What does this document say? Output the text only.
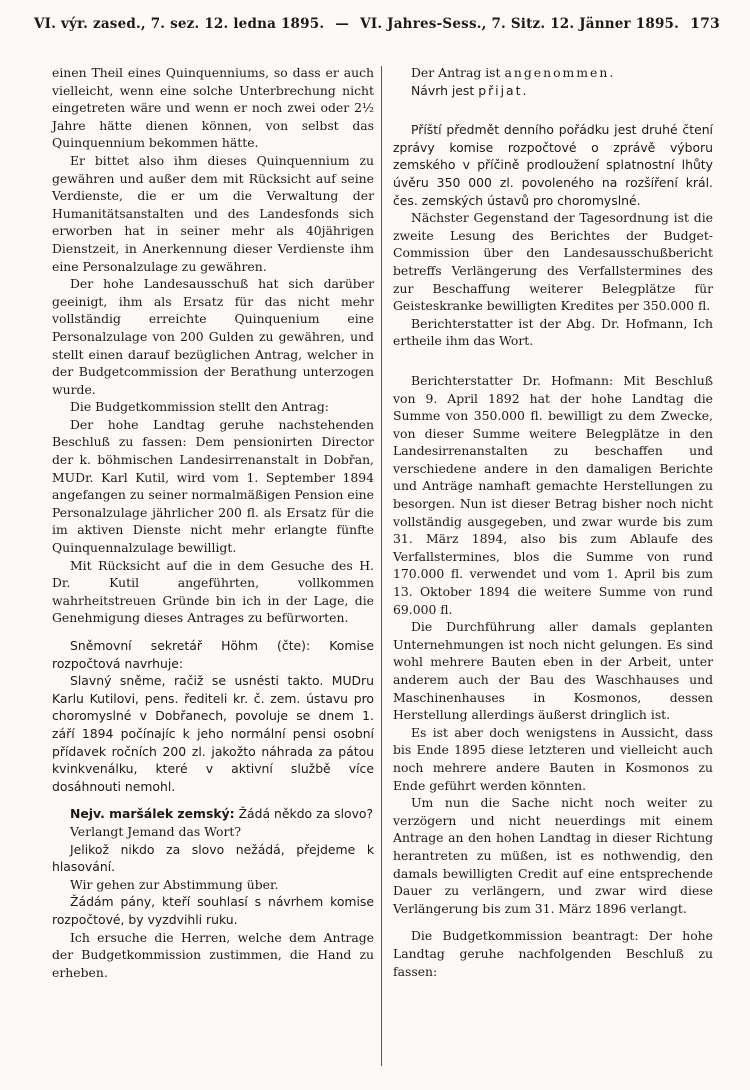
VI. výr. zased., 7. sez. 12. ledna 1895. — VI. Jahres-Sess., 7. Sitz. 12. Jänner 1895. 173

einen Theil eines Quinquenniums, so dass er auch vielleicht, wenn eine solche Unterbrechung nicht eingetreten wäre und wenn er noch zwei oder 2½ Jahre hätte dienen können, von selbst das Quinquennium bekommen hätte.

Er bittet also ihm dieses Quinquennium zu gewähren und außer dem mit Rücksicht auf seine Verdienste, die er um die Verwaltung der Humanitätsanstalten und des Landesfonds sich erworben hat in seiner mehr als 40jährigen Dienstzeit, in Anerkennung dieser Verdienste ihm eine Personalzulage zu gewähren.

Der hohe Landesausschuß hat sich darüber geeinigt, ihm als Ersatz für das nicht mehr vollständig erreichte Quinquenium eine Personalzulage von 200 Gulden zu gewähren, und stellt einen darauf bezüglichen Antrag, welcher in der Budgetcommission der Berathung unterzogen wurde.

Die Budgetkommission stellt den Antrag:

Der hohe Landtag geruhe nachstehenden Beschluß zu fassen: Dem pensionirten Director der k. böhmischen Landesirrenanstalt in Dobřan, MUDr. Karl Kutil, wird vom 1. September 1894 angefangen zu seiner normalmäßigen Pension eine Personalzulage jährlicher 200 fl. als Ersatz für die im aktiven Dienste nicht mehr erlangte fünfte Quinquennalzulage bewilligt.

Mit Rücksicht auf die in dem Gesuche des H. Dr. Kutil angeführten, vollkommen wahrheitstreuen Gründe bin ich in der Lage, die Genehmigung dieses Antrages zu befürworten.

Sněmovní sekretář Höhm (čte): Komise rozpočtová navrhuje:

Slavný sněme, račiž se usnésti takto. MUDru Karlu Kutilovi, pens. řediteli kr. č. zem. ústavu pro choromyslné v Dobřanech, povoluje se dnem 1. září 1894 počínajíc k jeho normální pensi osobní přídavek ročních 200 zl. jakožto náhrada za pátou kvinkvenálku, které v aktivní službě více dosáhnouti nemohl.

Nejv. maršálek zemský: Žádá někdo za slovo?

Verlangt Jemand das Wort?

Jelikož nikdo za slovo nežádá, přejdeme k hlasování.

Wir gehen zur Abstimmung über.

Žádám pány, kteří souhlasí s návrhem komise rozpočtové, by vyzdvihli ruku.

Ich ersuche die Herren, welche dem Antrage der Budgetkommission zustimmen, die Hand zu erheben.

Der Antrag ist angenommen.

Návrh jest přijat.

Příští předmět denního pořádku jest druhé čtení zprávy komise rozpočtové o zprávě výboru zemského v příčině prodloužení splatnostní lhůty úvěru 350 000 zl. povoleného na rozšíření král. čes. zemských ústavů pro choromyslné.

Nächster Gegenstand der Tagesordnung ist die zweite Lesung des Berichtes der Budget-Commission über den Landesausschußbericht betreffs Verlängerung des Verfallstermines des zur Beschaffung weiterer Belegplätze für Geisteskranke bewilligten Kredites per 350.000 fl.

Berichterstatter ist der Abg. Dr. Hofmann, Ich ertheile ihm das Wort.

Berichterstatter Dr. Hofmann: Mit Beschluß von 9. April 1892 hat der hohe Landtag die Summe von 350.000 fl. bewilligt zu dem Zwecke, von dieser Summe weitere Belegplätze in den Landesirrenanstalten zu beschaffen und verschiedene andere in den damaligen Berichte und Anträge namhaft gemachte Herstellungen zu besorgen. Nun ist dieser Betrag bisher noch nicht vollständig ausgegeben, und zwar wurde bis zum 31. März 1894, also bis zum Ablaufe des Verfallstermines, blos die Summe von rund 170.000 fl. verwendet und vom 1. April bis zum 13. Oktober 1894 die weitere Summe von rund 69.000 fl.

Die Durchführung aller damals geplanten Unternehmungen ist noch nicht gelungen. Es sind wohl mehrere Bauten eben in der Arbeit, unter anderem auch der Bau des Waschhauses und Maschinenhauses in Kosmonos, dessen Herstellung allerdings äußerst dringlich ist.

Es ist aber doch wenigstens in Aussicht, dass bis Ende 1895 diese letzteren und vielleicht auch noch mehrere andere Bauten in Kosmonos zu Ende geführt werden könnten.

Um nun die Sache nicht noch weiter zu verzögern und nicht neuerdings mit einem Antrage an den hohen Landtag in dieser Richtung herantreten zu müßen, ist es nothwendig, den damals bewilligten Credit auf eine entsprechende Dauer zu verlängern, und zwar wird diese Verlängerung bis zum 31. März 1896 verlangt.

Die Budgetkommission beantragt: Der hohe Landtag geruhe nachfolgenden Beschluß zu fassen:
